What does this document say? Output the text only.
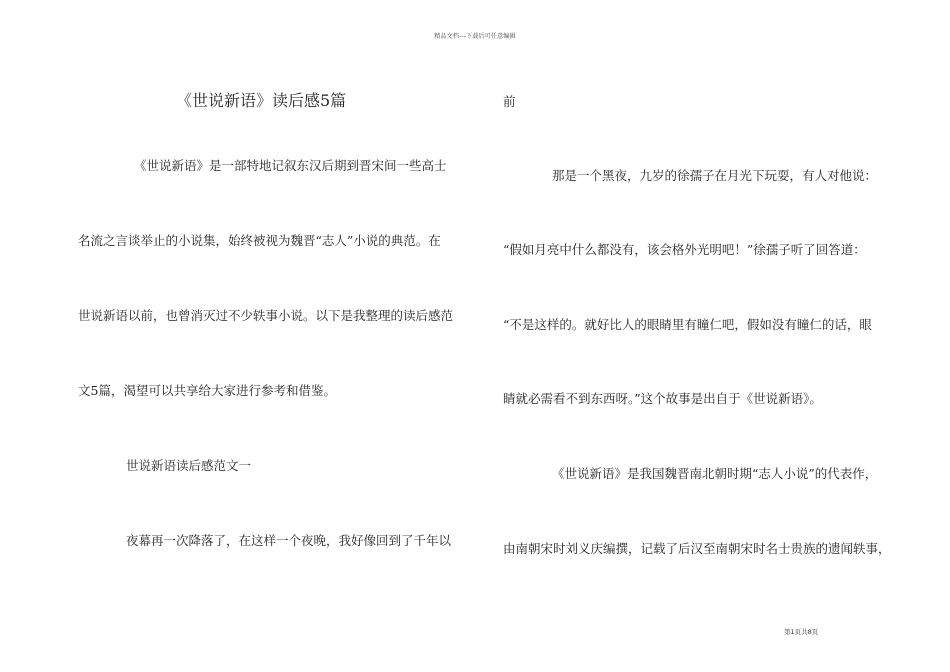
精品文档---下载后可任意编辑
《世说新语》读后感5篇
《世说新语》是一部特地记叙东汉后期到晋宋间一些高士
名流之言谈举止的小说集，始终被视为魏晋“志人”小说的典范。在
世说新语以前，也曾消灭过不少轶事小说。以下是我整理的读后感范
文5篇，渴望可以共享给大家进行参考和借鉴。
世说新语读后感范文一
夜幕再一次降落了，在这样一个夜晚，我好像回到了千年以
前
那是一个黑夜，九岁的徐孺子在月光下玩耍，有人对他说：
“假如月亮中什么都没有，该会格外光明吧！”徐孺子听了回答道：
“不是这样的。就好比人的眼睛里有瞳仁吧，假如没有瞳仁的话，眼
睛就必需看不到东西呀。”这个故事是出自于《世说新语》。
《世说新语》是我国魏晋南北朝时期“志人小说”的代表作，
由南朝宋时刘义庆编撰，记载了后汉至南朝宋时名士贵族的遗闻轶事，
第1页共8页
